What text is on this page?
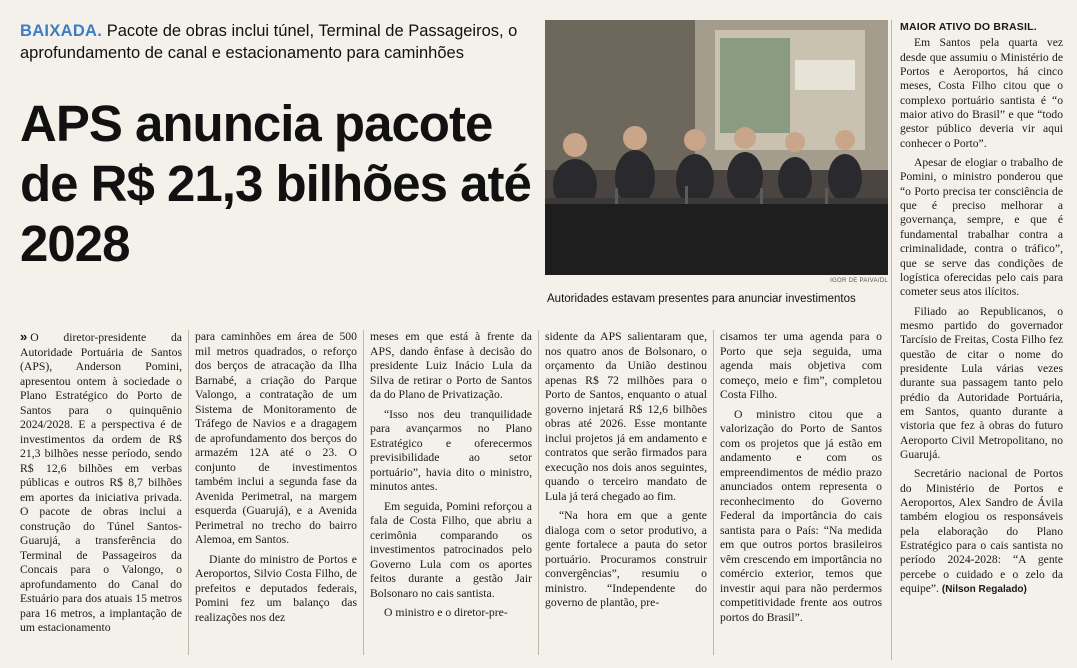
BAIXADA. Pacote de obras inclui túnel, Terminal de Passageiros, o aprofundamento de canal e estacionamento para caminhões
APS anuncia pacote de R$ 21,3 bilhões até 2028
IGOR DE PAIVA/DL
Autoridades estavam presentes para anunciar investimentos
MAIOR ATIVO DO BRASIL.

Em Santos pela quarta vez desde que assumiu o Ministério de Portos e Aeroportos, há cinco meses, Costa Filho citou que o complexo portuário santista é “o maior ativo do Brasil” e que “todo gestor público deveria vir aqui conhecer o Porto”.

Apesar de elogiar o trabalho de Pomini, o ministro ponderou que “o Porto precisa ter consciência de que é preciso melhorar a governança, sempre, e que é fundamental trabalhar contra a criminalidade, contra o tráfico”, que se serve das condições de logística oferecidas pelo cais para cometer seus atos ilícitos.

Filiado ao Republicanos, o mesmo partido do governador Tarcísio de Freitas, Costa Filho fez questão de citar o nome do presidente Lula várias vezes durante sua passagem tanto pelo prédio da Autoridade Portuária, em Santos, quanto durante a vistoria que fez à obras do futuro Aeroporto Civil Metropolitano, no Guarujá.

Secretário nacional de Portos do Ministério de Portos e Aeroportos, Alex Sandro de Ávila também elogiou os responsáveis pela elaboração do Plano Estratégico para o cais santista no período 2024-2028: “A gente percebe o cuidado e o zelo da equipe”. (Nilson Regalado)

» O diretor-presidente da Autoridade Portuária de Santos (APS), Anderson Pomini, apresentou ontem à sociedade o Plano Estratégico do Porto de Santos para o quinquênio 2024/2028. E a perspectiva é de investimentos da ordem de R$ 21,3 bilhões nesse período, sendo R$ 12,6 bilhões em verbas públicas e outros R$ 8,7 bilhões em aportes da iniciativa privada. O pacote de obras inclui a construção do Túnel Santos-Guarujá, a transferência do Terminal de Passageiros da Concais para o Valongo, o aprofundamento do Canal do Estuário para dos atuais 15 metros para 16 metros, a implantação de um estacionamento

para caminhões em área de 500 mil metros quadrados, o reforço dos berços de atracação da Ilha Barnabé, a criação do Parque Valongo, a contratação de um Sistema de Monitoramento de Tráfego de Navios e a dragagem de aprofundamento dos berços do armazém 12A até o 23. O conjunto de investimentos também inclui a segunda fase da Avenida Perimetral, na margem esquerda (Guarujá), e a Avenida Perimetral no trecho do bairro Alemoa, em Santos.

Diante do ministro de Portos e Aeroportos, Silvio Costa Filho, de prefeitos e deputados federais, Pomini fez um balanço das realizações nos dez

meses em que está à frente da APS, dando ênfase à decisão do presidente Luiz Inácio Lula da Silva de retirar o Porto de Santos da do Plano de Privatização.

“Isso nos deu tranquilidade para avançarmos no Plano Estratégico e oferecermos previsibilidade ao setor portuário”, havia dito o ministro, minutos antes.

Em seguida, Pomini reforçou a fala de Costa Filho, que abriu a cerimônia comparando os investimentos patrocinados pelo Governo Lula com os aportes feitos durante a gestão Jair Bolsonaro no cais santista.

O ministro e o diretor-pre-

sidente da APS salientaram que, nos quatro anos de Bolsonaro, o orçamento da União destinou apenas R$ 72 milhões para o Porto de Santos, enquanto o atual governo injetará R$ 12,6 bilhões obras até 2026. Esse montante inclui projetos já em andamento e contratos que serão firmados para execução nos dois anos seguintes, quando o terceiro mandato de Lula já terá chegado ao fim.

“Na hora em que a gente dialoga com o setor produtivo, a gente fortalece a pauta do setor portuário. Procuramos construir convergências”, resumiu o ministro. “Independente do governo de plantão, pre-

cisamos ter uma agenda para o Porto que seja seguida, uma agenda mais objetiva com começo, meio e fim”, completou Costa Filho.

O ministro citou que a valorização do Porto de Santos com os projetos que já estão em andamento e com os empreendimentos de médio prazo anunciados ontem representa o reconhecimento do Governo Federal da importância do cais santista para o País: “Na medida em que outros portos brasileiros vêm crescendo em importância no comércio exterior, temos que investir aqui para não perdermos competitividade frente aos outros portos do Brasil”.
